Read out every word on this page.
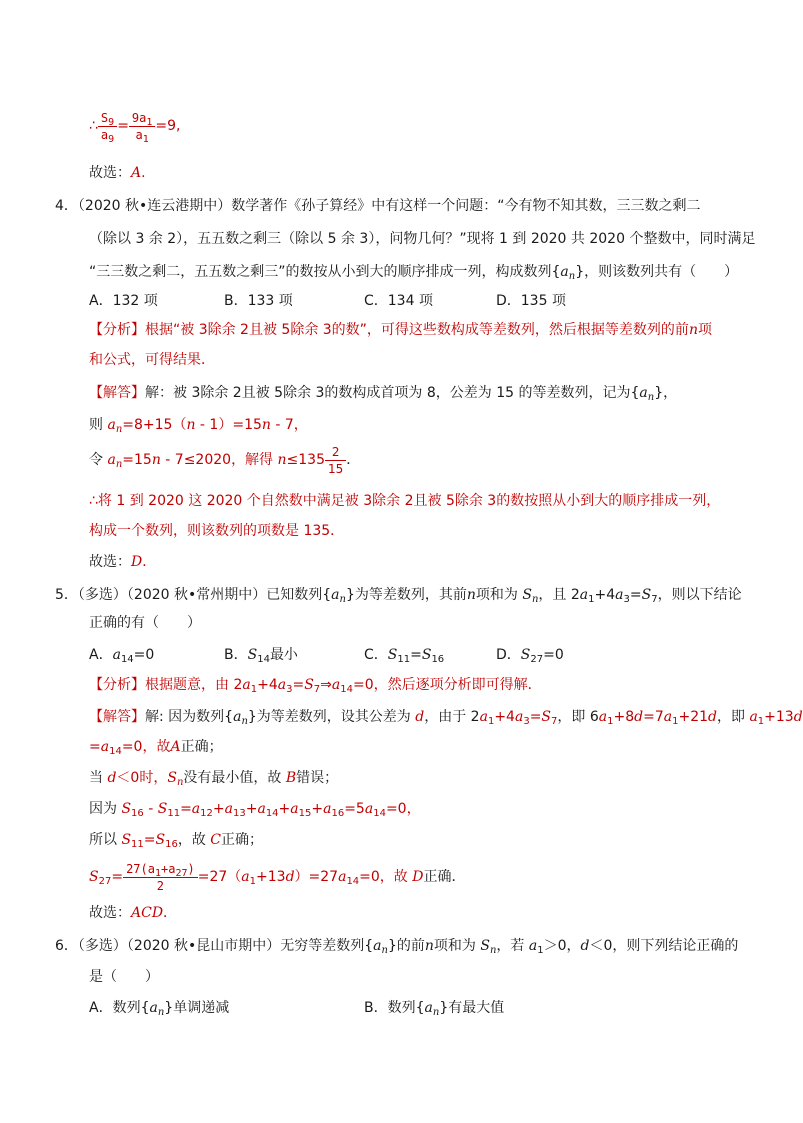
∴ $\frac{S_9}{a_9} = \frac{9a_1}{a_1} =9$,
故选：A.
4．（2020 秋•连云港期中）数学著作《孙子算经》中有这样一个问题：“今有物不知其数，三三数之剩二
（除以 3 余 2），五五数之剩三（除以 5 余 3），问物几何？”现将 1 到 2020 共 2020 个整数中，同时满足
“三三数之剩二，五五数之剩三”的数按从小到大的顺序排成一列，构成数列$\{a_n\}$，则该数列共有（　　）
A．132 项	B．133 项	C．134 项	D．135 项
【分析】根据“被 3除余 2且被 5除余 3的数”，可得这些数构成等差数列，然后根据等差数列的前n项
和公式，可得结果．
【解答】解：被 3除余 2且被 5除余 3的数构成首项为 8，公差为 15 的等差数列，记为$\{a_n\}$，
则 $a_n=8+15(n - 1)=15n - 7$，
令 $a_n=15n - 7\le 2020$，解得 $n\le 135 \frac{2}{15}$ ．
∴将 1 到 2020 这 2020 个自然数中满足被 3除余 2且被 5除余 3的数按照从小到大的顺序排成一列，
构成一个数列，则该数列的项数是 135．
故选：D．
5．（多选）（2020 秋•常州期中）已知数列$\{a_n\}$为等差数列，其前n项和为 $S_n$，且 $2a_1+4a_3=S_7$，则以下结论
正确的有（　　）
A．$a_{14}=0$	B．$S_{14}$最小	C．$S_{11}=S_{16}$	D．$S_{27}=0$
【分析】根据题意，由 $2a_1+4a_3=S_7\Rightarrow a_{14}=0$，然后逐项分析即可得解．
【解答】解: 因为数列$\{a_n\}$为等差数列，设其公差为 d，由于 $2a_1+4a_3=S_7$，即 $6a_1+8d=7a_1+21d$，即 $a_1+13d$
$=a_{14}=0$，故A正确；
当 d＜0时，$S_n$没有最小值，故 B错误；
因为 $S_{16} - S_{11}=a_{12}+a_{13}+a_{14}+a_{15}+a_{16}=5a_{14}=0$，
所以 $S_{11}=S_{16}$，故 C正确；
$S_{27}= \frac{27(a_1+a_{27})}{2} =27(a_1+13d)=27a_{14}=0$，故 D正确．
故选：ACD．
6．（多选）（2020 秋•昆山市期中）无穷等差数列$\{a_n\}$的前n项和为 $S_n$，若 $a_1>0$，d＜0，则下列结论正确的
是（　　）
A．数列$\{a_n\}$单调递减	B．数列$\{a_n\}$有最大值
